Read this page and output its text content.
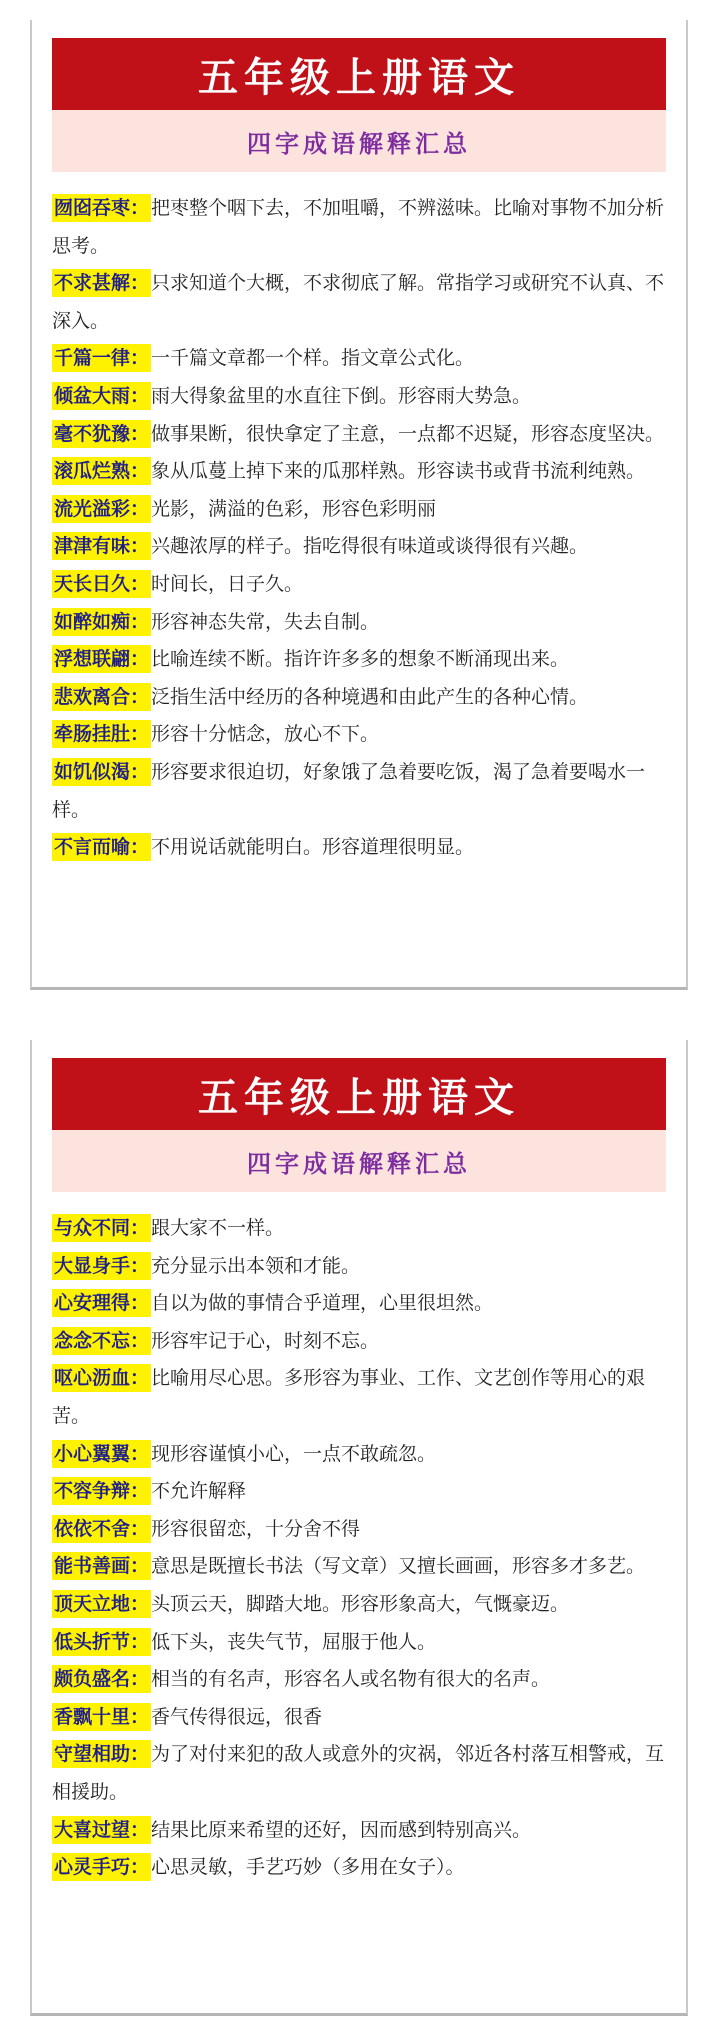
五年级上册语文
四字成语解释汇总
囫囵吞枣： 把枣整个咽下去，不加咀嚼，不辨滋味。比喻对事物不加分析思考。
不求甚解： 只求知道个大概，不求彻底了解。常指学习或研究不认真、不深入。
千篇一律： 一千篇文章都一个样。指文章公式化。
倾盆大雨： 雨大得象盆里的水直往下倒。形容雨大势急。
毫不犹豫： 做事果断，很快拿定了主意，一点都不迟疑，形容态度坚决。
滚瓜烂熟： 象从瓜蔓上掉下来的瓜那样熟。形容读书或背书流利纯熟。
流光溢彩： 光影，满溢的色彩，形容色彩明丽
津津有味： 兴趣浓厚的样子。指吃得很有味道或谈得很有兴趣。
天长日久： 时间长，日子久。
如醉如痴： 形容神态失常，失去自制。
浮想联翩： 比喻连续不断。指许许多多的想象不断涌现出来。
悲欢离合： 泛指生活中经历的各种境遇和由此产生的各种心情。
牵肠挂肚： 形容十分惦念，放心不下。
如饥似渴： 形容要求很迫切，好象饿了急着要吃饭，渴了急着要喝水一样。
不言而喻： 不用说话就能明白。形容道理很明显。
五年级上册语文
四字成语解释汇总
与众不同： 跟大家不一样。
大显身手： 充分显示出本领和才能。
心安理得： 自以为做的事情合乎道理，心里很坦然。
念念不忘： 形容牢记于心，时刻不忘。
呕心沥血： 比喻用尽心思。多形容为事业、工作、文艺创作等用心的艰苦。
小心翼翼： 现形容谨慎小心，一点不敢疏忽。
不容争辩： 不允许解释
依依不舍： 形容很留恋，十分舍不得
能书善画： 意思是既擅长书法（写文章）又擅长画画，形容多才多艺。
顶天立地： 头顶云天，脚踏大地。形容形象高大，气慨豪迈。
低头折节： 低下头，丧失气节，屈服于他人。
颇负盛名： 相当的有名声，形容名人或名物有很大的名声。
香飘十里： 香气传得很远，很香
守望相助： 为了对付来犯的敌人或意外的灾祸，邻近各村落互相警戒，互相援助。
大喜过望： 结果比原来希望的还好，因而感到特别高兴。
心灵手巧： 心思灵敏，手艺巧妙（多用在女子）。
